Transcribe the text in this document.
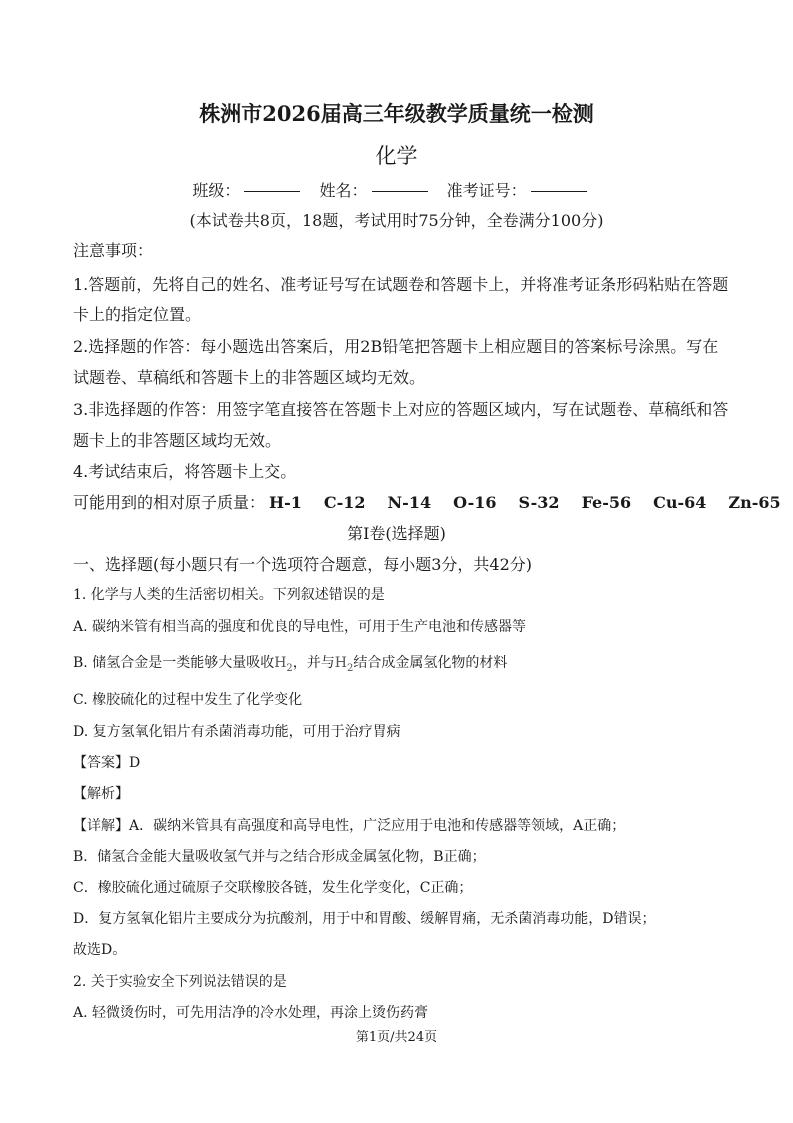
株洲市2026届高三年级教学质量统一检测
化学
班级：	姓名：	准考证号：
(本试卷共8页，18题，考试用时75分钟，全卷满分100分)
注意事项：
1.答题前，先将自己的姓名、准考证号写在试题卷和答题卡上，并将准考证条形码粘贴在答题
卡上的指定位置。
2.选择题的作答：每小题选出答案后，用2B铅笔把答题卡上相应题目的答案标号涂黑。写在
试题卷、草稿纸和答题卡上的非答题区域均无效。
3.非选择题的作答：用签字笔直接答在答题卡上对应的答题区域内，写在试题卷、草稿纸和答
题卡上的非答题区域均无效。
4.考试结束后，将答题卡上交。
可能用到的相对原子质量： H-1 C-12 N-14 O-16 S-32 Fe-56 Cu-64 Zn-65
第Ⅰ卷(选择题)
一、选择题(每小题只有一个选项符合题意，每小题3分，共42分)
1. 化学与人类的生活密切相关。下列叙述错误的是
A. 碳纳米管有相当高的强度和优良的导电性，可用于生产电池和传感器等
B. 储氢合金是一类能够大量吸收$H_2$，并与$H_2$结合成金属氢化物的材料
C. 橡胶硫化的过程中发生了化学变化
D. 复方氢氧化铝片有杀菌消毒功能，可用于治疗胃病
【答案】D
【解析】
【详解】A．碳纳米管具有高强度和高导电性，广泛应用于电池和传感器等领域，A正确；
B．储氢合金能大量吸收氢气并与之结合形成金属氢化物，B正确；
C．橡胶硫化通过硫原子交联橡胶各链，发生化学变化，C正确；
D．复方氢氧化铝片主要成分为抗酸剂，用于中和胃酸、缓解胃痛，无杀菌消毒功能，D错误；
故选D。
2. 关于实验安全下列说法错误的是
A. 轻微烫伤时，可先用洁净的冷水处理，再涂上烫伤药膏
第1页/共24页
